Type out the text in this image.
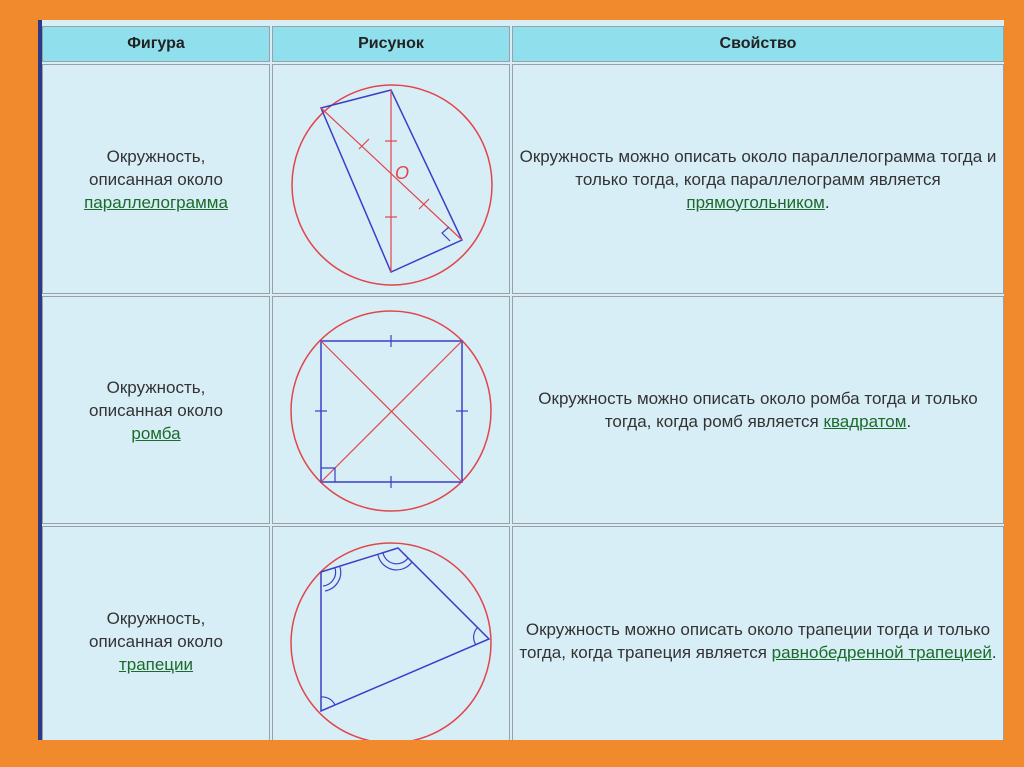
Фигура	Рисунок	Свойство
Окружность,
описанная около
параллелограмма
O
Окружность можно описать около параллелограмма тогда и только тогда, когда параллелограмм является прямоугольником.
Окружность,
описанная около
ромба
Окружность можно описать около ромба тогда и только тогда, когда ромб является квадратом.
Окружность,
описанная около
трапеции
Окружность можно описать около трапеции тогда и только тогда, когда трапеция является равнобедренной трапецией.
